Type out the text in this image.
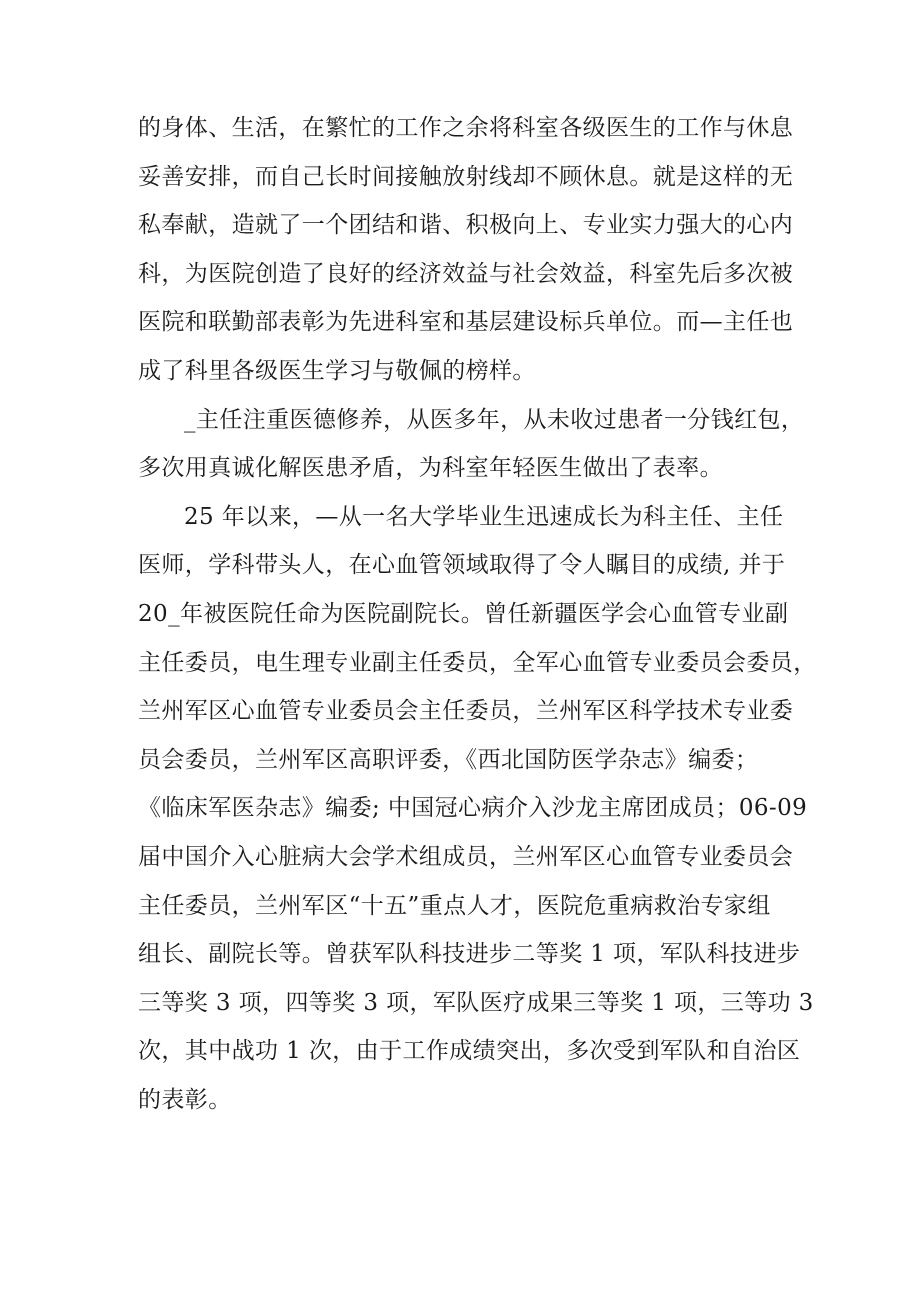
的身体、生活，在繁忙的工作之余将科室各级医生的工作与休息
妥善安排，而自己长时间接触放射线却不顾休息。就是这样的无
私奉献，造就了一个团结和谐、积极向上、专业实力强大的心内
科，为医院创造了良好的经济效益与社会效益，科室先后多次被
医院和联勤部表彰为先进科室和基层建设标兵单位。而—主任也
成了科里各级医生学习与敬佩的榜样。

_主任注重医德修养，从医多年，从未收过患者一分钱红包，
多次用真诚化解医患矛盾，为科室年轻医生做出了表率。

25 年以来，—从一名大学毕业生迅速成长为科主任、主任
医师，学科带头人，在心血管领域取得了令人瞩目的成绩, 并于
20_年被医院任命为医院副院长。曾任新疆医学会心血管专业副
主任委员，电生理专业副主任委员，全军心血管专业委员会委员，
兰州军区心血管专业委员会主任委员，兰州军区科学技术专业委
员会委员，兰州军区高职评委，《西北国防医学杂志》编委；
《临床军医杂志》编委; 中国冠心病介入沙龙主席团成员；06-09
届中国介入心脏病大会学术组成员，兰州军区心血管专业委员会
主任委员，兰州军区“十五”重点人才，医院危重病救治专家组
组长、副院长等。曾获军队科技进步二等奖 1 项，军队科技进步
三等奖 3 项，四等奖 3 项，军队医疗成果三等奖 1 项，三等功 3
次，其中战功 1 次，由于工作成绩突出，多次受到军队和自治区
的表彰。
